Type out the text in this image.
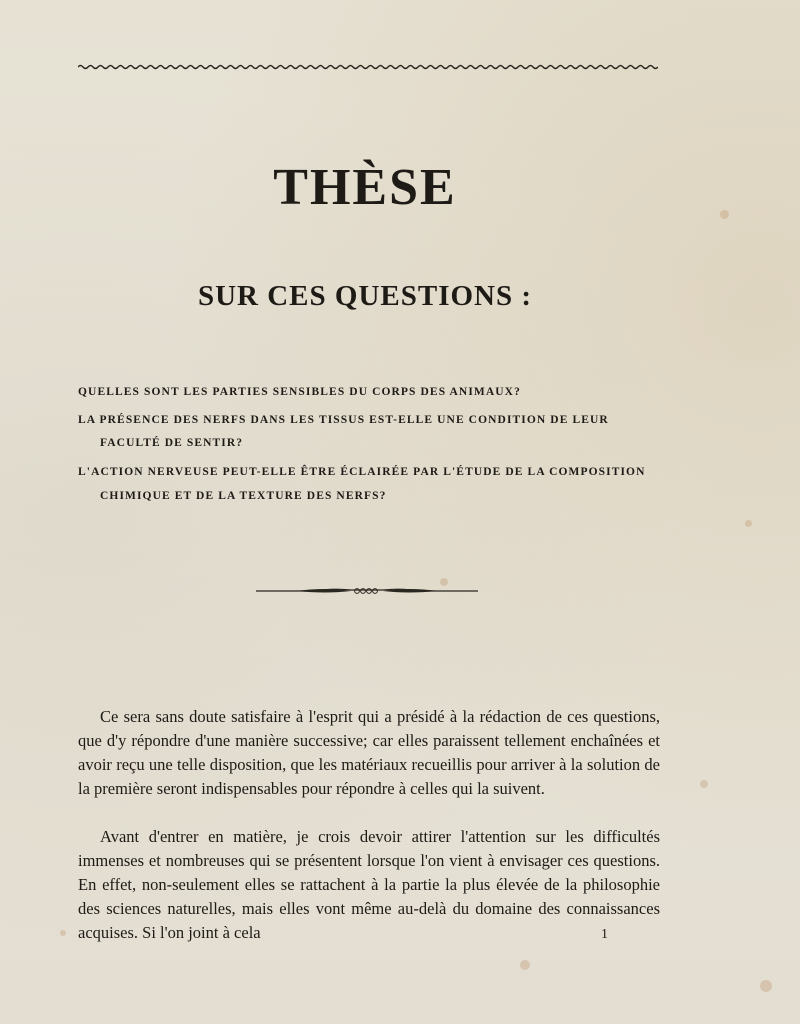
THÈSE
SUR CES QUESTIONS :
QUELLES SONT LES PARTIES SENSIBLES DU CORPS DES ANIMAUX?
LA PRÉSENCE DES NERFS DANS LES TISSUS EST-ELLE UNE CONDITION DE LEUR
FACULTÉ DE SENTIR?
L'ACTION NERVEUSE PEUT-ELLE ÊTRE ÉCLAIRÉE PAR L'ÉTUDE DE LA COMPOSITION
CHIMIQUE ET DE LA TEXTURE DES NERFS?

Ce sera sans doute satisfaire à l'esprit qui a présidé à la rédaction de ces questions, que d'y répondre d'une manière successive; car elles paraissent tellement enchaînées et avoir reçu une telle disposition, que les matériaux recueillis pour arriver à la solution de la première seront indispensables pour répondre à celles qui la suivent.

Avant d'entrer en matière, je crois devoir attirer l'attention sur les difficultés immenses et nombreuses qui se présentent lorsque l'on vient à envisager ces questions. En effet, non-seulement elles se rattachent à la partie la plus élevée de la philosophie des sciences naturelles, mais elles vont même au-delà du domaine des connaissances acquises. Si l'on joint à cela	1
